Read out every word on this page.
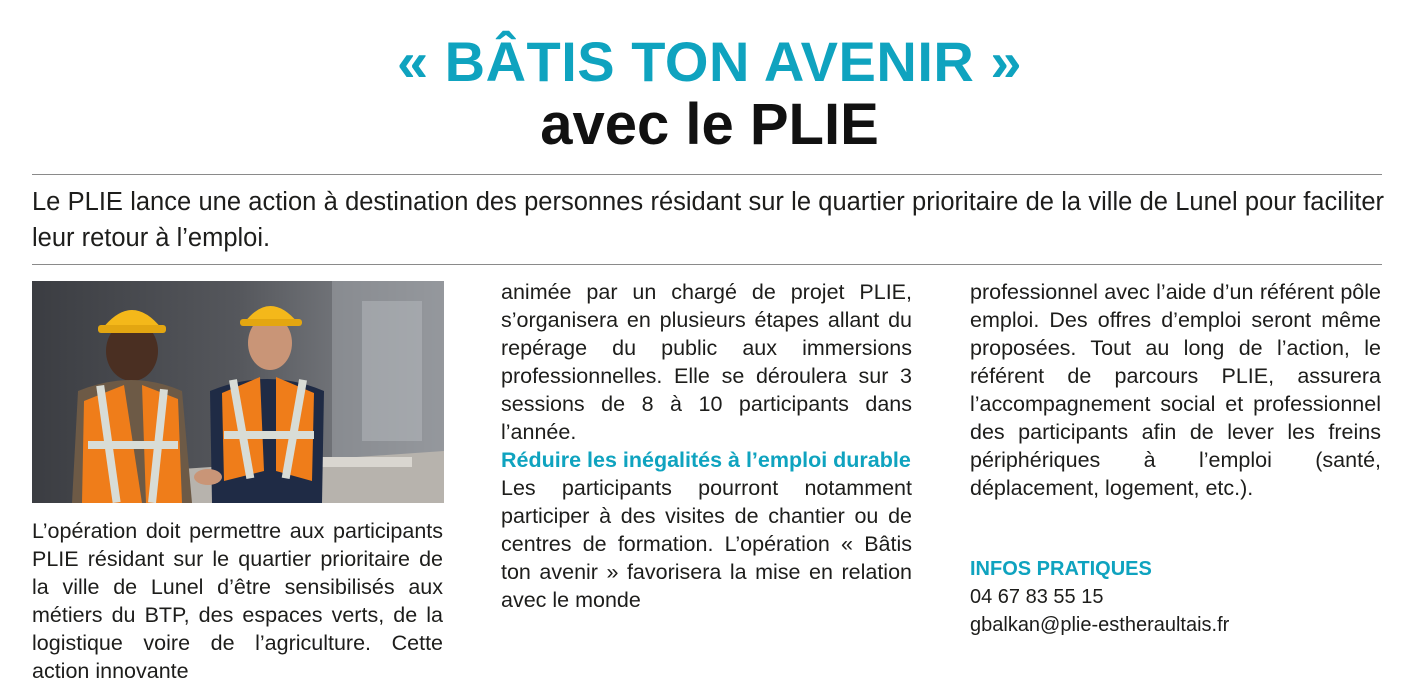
« BÂTIS TON AVENIR »
avec le PLIE
Le PLIE lance une action à destination des personnes résidant sur le quartier prioritaire de la ville de Lunel pour faciliter leur retour à l’emploi.

L’opération doit permettre aux participants PLIE résidant sur le quartier prioritaire de la ville de Lunel d’être sensibilisés aux métiers du BTP, des espaces verts, de la logistique voire de l’agriculture. Cette action innovante

animée par un chargé de projet PLIE, s’organisera en plusieurs étapes allant du repérage du public aux immersions professionnelles. Elle se déroulera sur 3 sessions de 8 à 10 participants dans l’année.

Réduire les inégalités à l’emploi durable

Les participants pourront notamment participer à des visites de chantier ou de centres de formation. L’opération « Bâtis ton avenir » favorisera la mise en relation avec le monde

professionnel avec l’aide d’un référent pôle emploi. Des offres d’emploi seront même proposées. Tout au long de l’action, le référent de parcours PLIE, assurera l’accompagnement social et professionnel des participants afin de lever les freins périphériques à l’emploi (santé, déplacement, logement, etc.).

INFOS PRATIQUES
04 67 83 55 15
gbalkan@plie-estheraultais.fr
